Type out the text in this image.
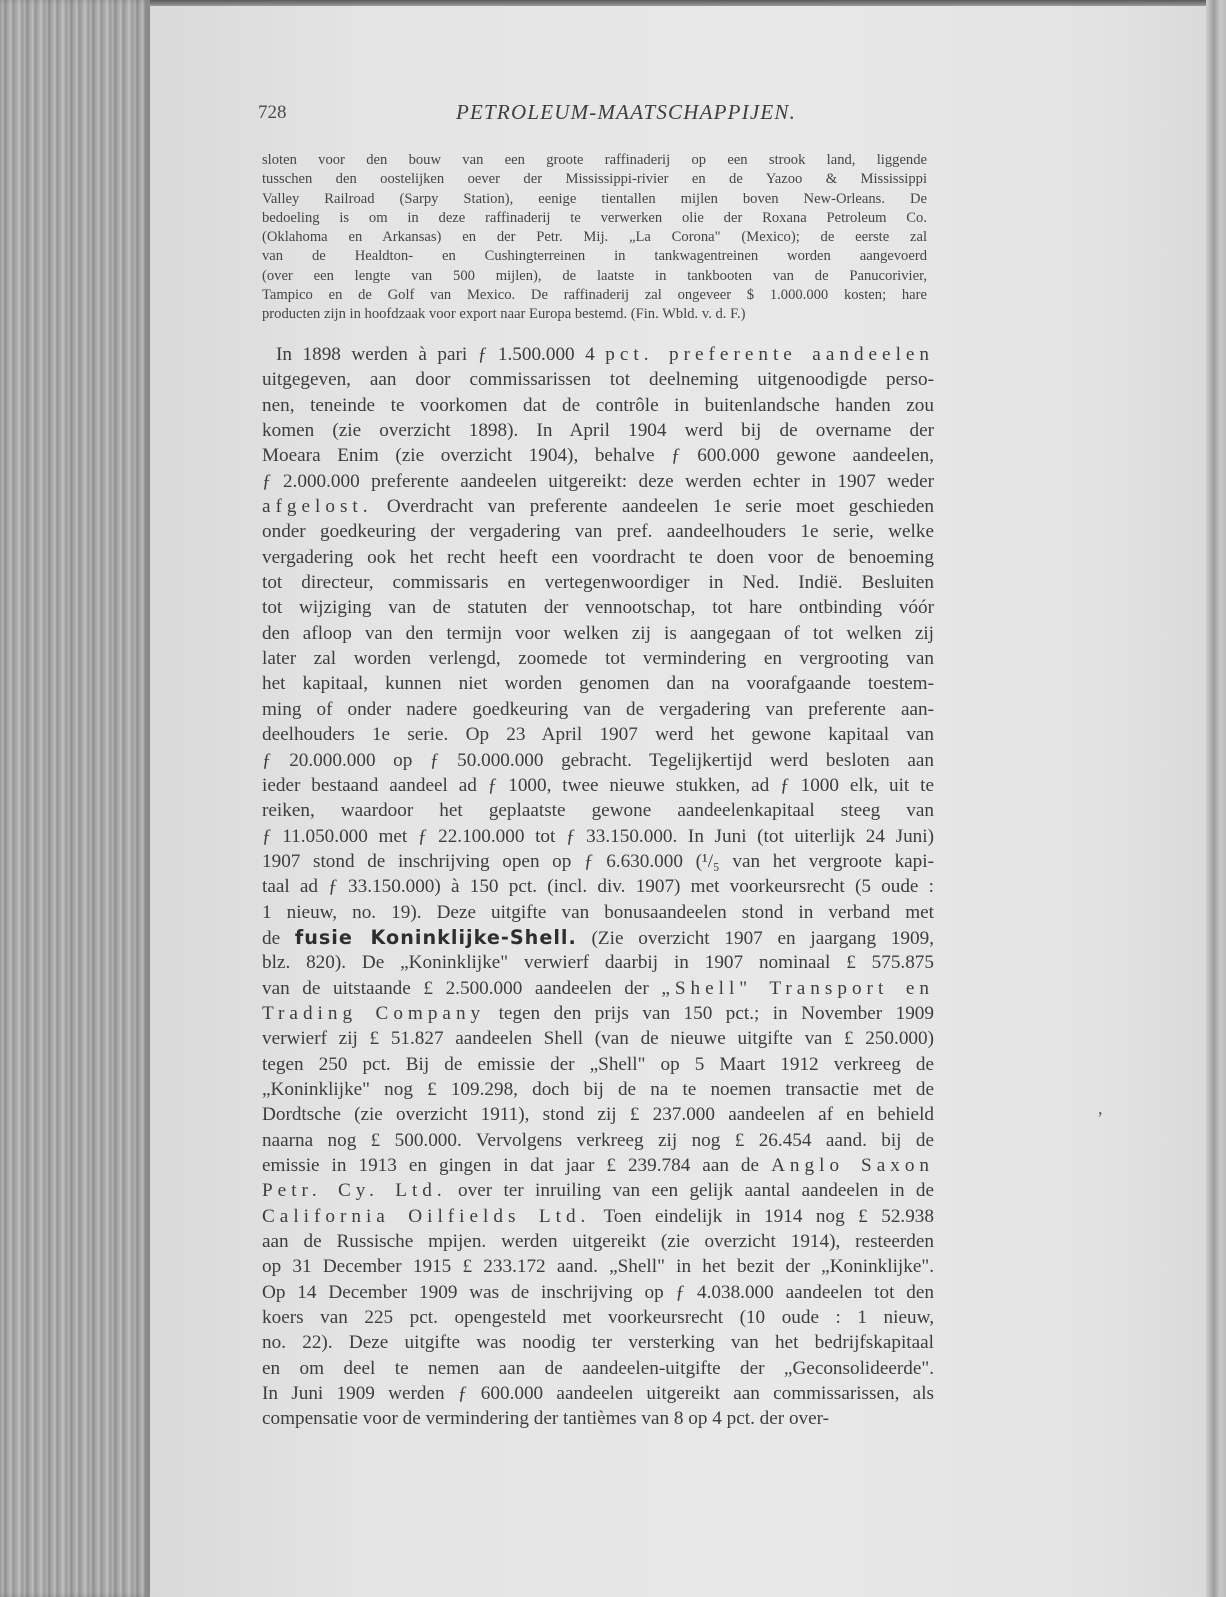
728	PETROLEUM-MAATSCHAPPIJEN.
sloten voor den bouw van een groote raffinaderij op een strook land, liggende
tusschen den oostelijken oever der Mississippi-rivier en de Yazoo & Mississippi
Valley Railroad (Sarpy Station), eenige tientallen mijlen boven New-Orleans. De
bedoeling is om in deze raffinaderij te verwerken olie der Roxana Petroleum Co.
(Oklahoma en Arkansas) en der Petr. Mij. „La Corona" (Mexico); de eerste zal
van de Healdton- en Cushingterreinen in tankwagentreinen worden aangevoerd
(over een lengte van 500 mijlen), de laatste in tankbooten van de Panucorivier,
Tampico en de Golf van Mexico. De raffinaderij zal ongeveer $ 1.000.000 kosten; hare
producten zijn in hoofdzaak voor export naar Europa bestemd. (Fin. Wbld. v. d. F.)
In 1898 werden à pari ƒ 1.500.000 4 pct. preferente aandeelen
uitgegeven, aan door commissarissen tot deelneming uitgenoodigde perso-
nen, teneinde te voorkomen dat de contrôle in buitenlandsche handen zou
komen (zie overzicht 1898). In April 1904 werd bij de overname der
Moeara Enim (zie overzicht 1904), behalve ƒ 600.000 gewone aandeelen,
ƒ 2.000.000 preferente aandeelen uitgereikt: deze werden echter in 1907 weder
afgelost. Overdracht van preferente aandeelen 1e serie moet geschieden
onder goedkeuring der vergadering van pref. aandeelhouders 1e serie, welke
vergadering ook het recht heeft een voordracht te doen voor de benoeming
tot directeur, commissaris en vertegenwoordiger in Ned. Indië. Besluiten
tot wijziging van de statuten der vennootschap, tot hare ontbinding vóór
den afloop van den termijn voor welken zij is aangegaan of tot welken zij
later zal worden verlengd, zoomede tot vermindering en vergrooting van
het kapitaal, kunnen niet worden genomen dan na voorafgaande toestem-
ming of onder nadere goedkeuring van de vergadering van preferente aan-
deelhouders 1e serie. Op 23 April 1907 werd het gewone kapitaal van
ƒ 20.000.000 op ƒ 50.000.000 gebracht. Tegelijkertijd werd besloten aan
ieder bestaand aandeel ad ƒ 1000, twee nieuwe stukken, ad ƒ 1000 elk, uit te
reiken, waardoor het geplaatste gewone aandeelenkapitaal steeg van
ƒ 11.050.000 met ƒ 22.100.000 tot ƒ 33.150.000. In Juni (tot uiterlijk 24 Juni)
1907 stond de inschrijving open op ƒ 6.630.000 (¹/₅ van het vergroote kapi-
taal ad ƒ 33.150.000) à 150 pct. (incl. div. 1907) met voorkeursrecht (5 oude :
1 nieuw, no. 19). Deze uitgifte van bonusaandeelen stond in verband met
de fusie Koninklijke-Shell. (Zie overzicht 1907 en jaargang 1909,
blz. 820). De „Koninklijke" verwierf daarbij in 1907 nominaal £ 575.875
van de uitstaande £ 2.500.000 aandeelen der „Shell" Transport en
Trading Company tegen den prijs van 150 pct.; in November 1909
verwierf zij £ 51.827 aandeelen Shell (van de nieuwe uitgifte van £ 250.000)
tegen 250 pct. Bij de emissie der „Shell" op 5 Maart 1912 verkreeg de
„Koninklijke" nog £ 109.298, doch bij de na te noemen transactie met de
Dordtsche (zie overzicht 1911), stond zij £ 237.000 aandeelen af en behield
naarna nog £ 500.000. Vervolgens verkreeg zij nog £ 26.454 aand. bij de
emissie in 1913 en gingen in dat jaar £ 239.784 aan de Anglo Saxon
Petr. Cy. Ltd. over ter inruiling van een gelijk aantal aandeelen in de
California Oilfields Ltd. Toen eindelijk in 1914 nog £ 52.938
aan de Russische mpijen. werden uitgereikt (zie overzicht 1914), resteerden
op 31 December 1915 £ 233.172 aand. „Shell" in het bezit der „Koninklijke".
Op 14 December 1909 was de inschrijving op ƒ 4.038.000 aandeelen tot den
koers van 225 pct. opengesteld met voorkeursrecht (10 oude : 1 nieuw,
no. 22). Deze uitgifte was noodig ter versterking van het bedrijfskapitaal
en om deel te nemen aan de aandeelen-uitgifte der „Geconsolideerde".
In Juni 1909 werden ƒ 600.000 aandeelen uitgereikt aan commissarissen, als
compensatie voor de vermindering der tantièmes van 8 op 4 pct. der over-
,
